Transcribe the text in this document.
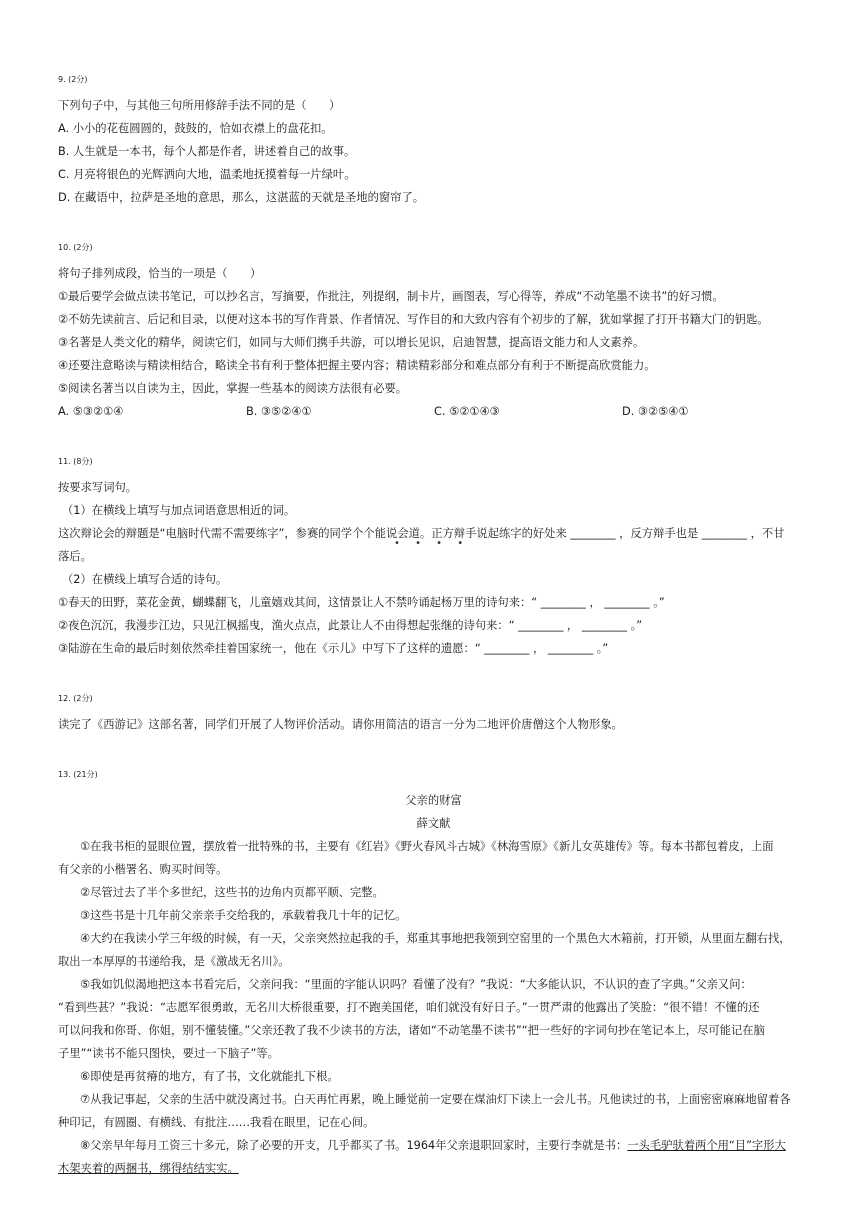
9. (2分)
下列句子中，与其他三句所用修辞手法不同的是（　　）
A. 小小的花苞圆圆的，鼓鼓的，恰如衣襟上的盘花扣。
B. 人生就是一本书，每个人都是作者，讲述着自己的故事。
C. 月亮将银色的光辉洒向大地，温柔地抚摸着每一片绿叶。
D. 在藏语中，拉萨是圣地的意思，那么，这湛蓝的天就是圣地的窗帘了。
10. (2分)
将句子排列成段，恰当的一项是（　　）
①最后要学会做点读书笔记，可以抄名言，写摘要，作批注，列提纲，制卡片，画图表，写心得等，养成“不动笔墨不读书”的好习惯。
②不妨先读前言、后记和目录，以便对这本书的写作背景、作者情况、写作目的和大致内容有个初步的了解，犹如掌握了打开书籍大门的钥匙。
③名著是人类文化的精华，阅读它们，如同与大师们携手共游，可以增长见识，启迪智慧，提高语文能力和人文素养。
④还要注意略读与精读相结合，略读全书有利于整体把握主要内容；精读精彩部分和难点部分有利于不断提高欣赏能力。
⑤阅读名著当以自读为主，因此，掌握一些基本的阅读方法很有必要。
A. ⑤③②①④	B. ③⑤②④①	C. ⑤②①④③	D. ③②⑤④①
11. (8分)
按要求写词句。
（1）在横线上填写与加点词语意思相近的词。
这次辩论会的辩题是“电脑时代需不需要练字”，参赛的同学个个能说会道。正方辩手说起练字的好处来 ________ ，反方辩手也是 ________ ，不甘
• • • •
落后。
（2）在横线上填写合适的诗句。
①春天的田野，菜花金黄，蝴蝶翻飞，儿童嬉戏其间，这情景让人不禁吟诵起杨万里的诗句来：“ ________ ， ________ 。”
②夜色沉沉，我漫步江边，只见江枫摇曳，渔火点点，此景让人不由得想起张继的诗句来：“ ________ ， ________ 。”
③陆游在生命的最后时刻依然牵挂着国家统一，他在《示儿》中写下了这样的遗愿：“ ________ ， ________ 。”
12. (2分)
读完了《西游记》这部名著，同学们开展了人物评价活动。请你用简洁的语言一分为二地评价唐僧这个人物形象。
13. (21分)
父亲的财富
薛文献
①在我书柜的显眼位置，摆放着一批特殊的书，主要有《红岩》《野火春风斗古城》《林海雪原》《新儿女英雄传》等。每本书都包着皮，上面
有父亲的小楷署名、购买时间等。
②尽管过去了半个多世纪，这些书的边角内页都平顺、完整。
③这些书是十几年前父亲亲手交给我的，承载着我几十年的记忆。
④大约在我读小学三年级的时候，有一天，父亲突然拉起我的手，郑重其事地把我领到空窑里的一个黑色大木箱前，打开锁，从里面左翻右找，
取出一本厚厚的书递给我，是《激战无名川》。
⑤我如饥似渴地把这本书看完后，父亲问我：“里面的字能认识吗？看懂了没有？”我说：“大多能认识，不认识的查了字典。”父亲又问：
“看到些甚？”我说：“志愿军很勇敢，无名川大桥很重要，打不跑美国佬，咱们就没有好日子。”一贯严肃的他露出了笑脸：“很不错！不懂的还
可以问我和你哥、你姐，别不懂装懂。”父亲还教了我不少读书的方法，诸如“不动笔墨不读书”“把一些好的字词句抄在笔记本上，尽可能记在脑
子里”“读书不能只图快，要过一下脑子”等。
⑥即使是再贫瘠的地方，有了书，文化就能扎下根。
⑦从我记事起，父亲的生活中就没离过书。白天再忙再累，晚上睡觉前一定要在煤油灯下读上一会儿书。凡他读过的书，上面密密麻麻地留着各
种印记，有圆圈、有横线、有批注……我看在眼里，记在心间。
⑧父亲早年每月工资三十多元，除了必要的开支，几乎都买了书。1964年父亲退职回家时，主要行李就是书：一头毛驴驮着两个用“目”字形大
木架夹着的两捆书，绑得结结实实。
